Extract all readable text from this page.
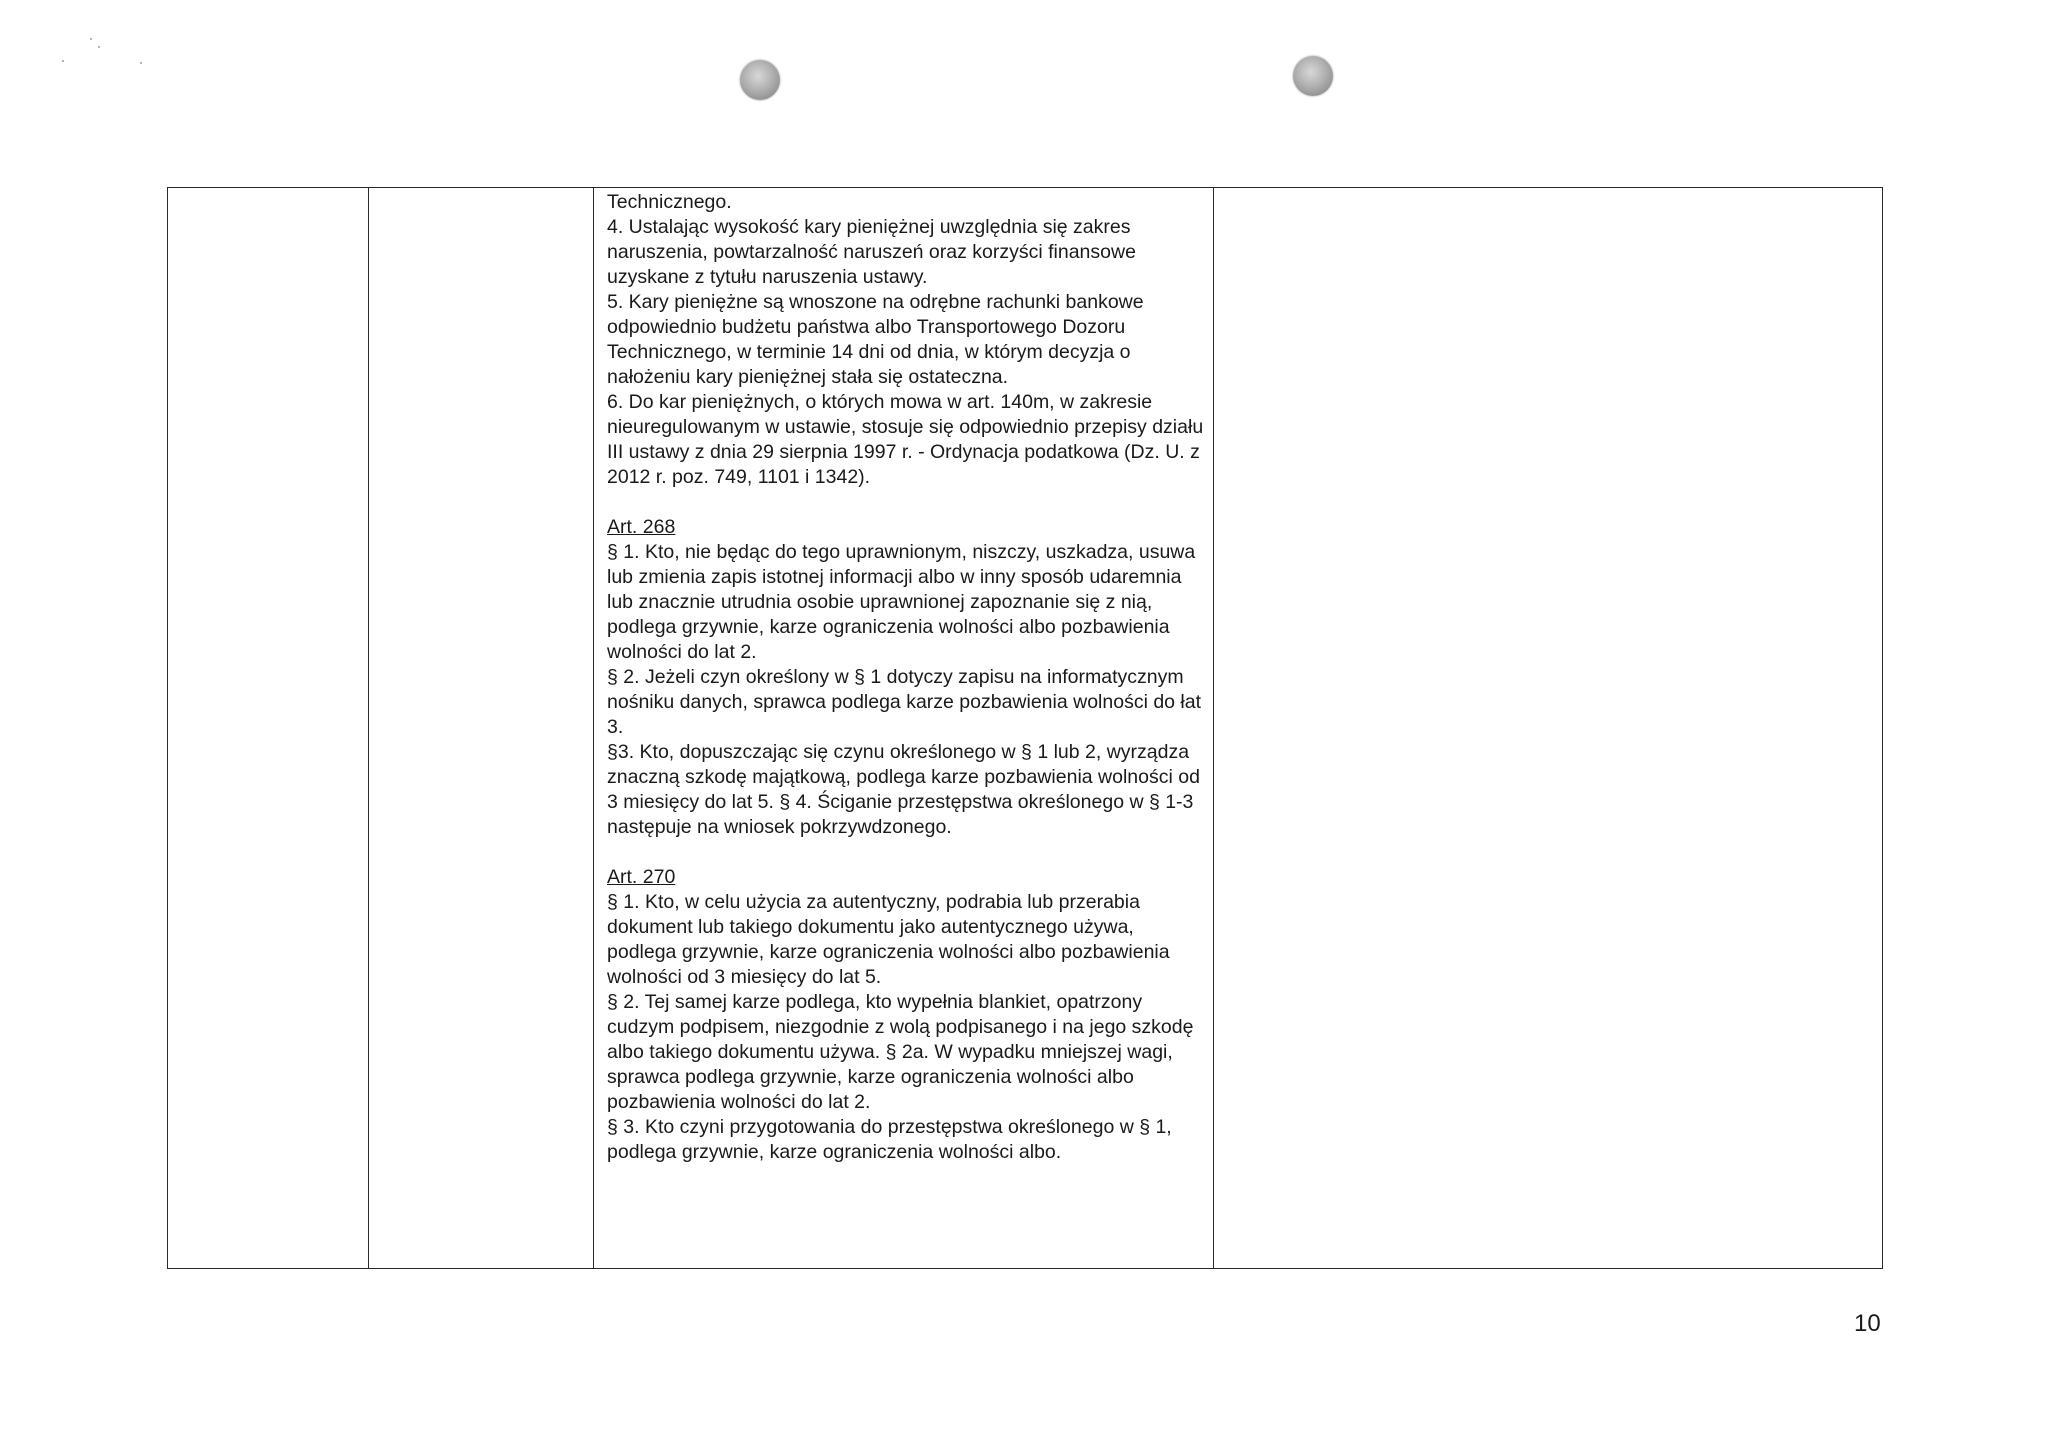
Technicznego.

4. Ustalając wysokość kary pieniężnej uwzględnia się zakres naruszenia, powtarzalność naruszeń oraz korzyści finansowe uzyskane z tytułu naruszenia ustawy.

5. Kary pieniężne są wnoszone na odrębne rachunki bankowe odpowiednio budżetu państwa albo Transportowego Dozoru Technicznego, w terminie 14 dni od dnia, w którym decyzja o nałożeniu kary pieniężnej stała się ostateczna.

6. Do kar pieniężnych, o których mowa w art. 140m, w zakresie nieuregulowanym w ustawie, stosuje się odpowiednio przepisy działu III ustawy z dnia 29 sierpnia 1997 r. - Ordynacja podatkowa (Dz. U. z 2012 r. poz. 749, 1101 i 1342).

Art. 268

§ 1. Kto, nie będąc do tego uprawnionym, niszczy, uszkadza, usuwa lub zmienia zapis istotnej informacji albo w inny sposób udaremnia lub znacznie utrudnia osobie uprawnionej zapoznanie się z nią, podlega grzywnie, karze ograniczenia wolności albo pozbawienia wolności do lat 2.

§ 2. Jeżeli czyn określony w § 1 dotyczy zapisu na informatycznym nośniku danych, sprawca podlega karze pozbawienia wolności do łat 3.

§3. Kto, dopuszczając się czynu określonego w § 1 lub 2, wyrządza znaczną szkodę majątkową, podlega karze pozbawienia wolności od 3 miesięcy do lat 5. § 4. Ściganie przestępstwa określonego w § 1-3 następuje na wniosek pokrzywdzonego.

Art. 270

§ 1. Kto, w celu użycia za autentyczny, podrabia lub przerabia dokument lub takiego dokumentu jako autentycznego używa, podlega grzywnie, karze ograniczenia wolności albo pozbawienia wolności od 3 miesięcy do lat 5.

§ 2. Tej samej karze podlega, kto wypełnia blankiet, opatrzony cudzym podpisem, niezgodnie z wolą podpisanego i na jego szkodę albo takiego dokumentu używa. § 2a. W wypadku mniejszej wagi, sprawca podlega grzywnie, karze ograniczenia wolności albo pozbawienia wolności do lat 2.

§ 3. Kto czyni przygotowania do przestępstwa określonego w § 1, podlega grzywnie, karze ograniczenia wolności albo.

10
